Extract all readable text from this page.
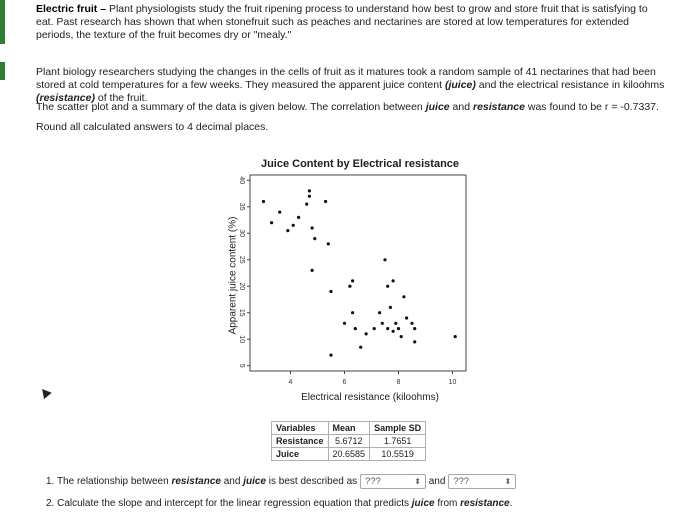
Electric fruit – Plant physiologists study the fruit ripening process to understand how best to grow and store fruit that is satisfying to eat. Past research has shown that when stonefruit such as peaches and nectarines are stored at low temperatures for extended periods, the texture of the fruit becomes dry or "mealy."

Plant biology researchers studying the changes in the cells of fruit as it matures took a random sample of 41 nectarines that had been stored at cold temperatures for a few weeks. They measured the apparent juice content (juice) and the electrical resistance in kiloohms (resistance) of the fruit.

The scatter plot and a summary of the data is given below. The correlation between juice and resistance was found to be r = -0.7337.

Round all calculated answers to 4 decimal places.

Juice Content by Electrical resistance
4	6	8	10
5
10
15
20
25
30
35
40
Apparent juice content (%)
Electrical resistance (kiloohms)
Variables	Mean	Sample SD
Resistance	5.6712	1.7651
Juice	20.6585	10.5519
1. The relationship between resistance and juice is best described as ???	⬍ and ???	⬍
2. Calculate the slope and intercept for the linear regression equation that predicts juice from resistance.
